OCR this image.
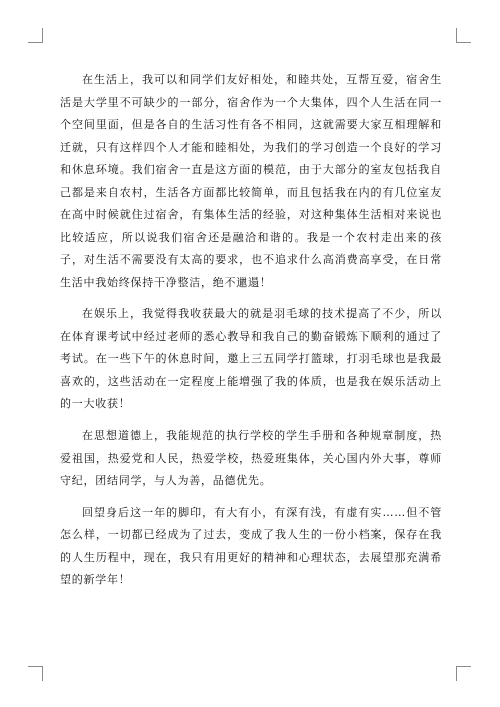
在生活上，我可以和同学们友好相处，和睦共处，互帮互爱，宿舍生活是大学里不可缺少的一部分，宿舍作为一个大集体，四个人生活在同一个空间里面，但是各自的生活习性有各不相同，这就需要大家互相理解和迁就，只有这样四个人才能和睦相处，为我们的学习创造一个良好的学习和休息环境。我们宿舍一直是这方面的模范，由于大部分的室友包括我自己都是来自农村，生活各方面都比较简单，而且包括我在内的有几位室友在高中时候就住过宿舍，有集体生活的经验，对这种集体生活相对来说也比较适应，所以说我们宿舍还是融洽和谐的。我是一个农村走出来的孩子，对生活不需要没有太高的要求，也不追求什么高消费高享受，在日常生活中我始终保持干净整洁，绝不邋遢！

在娱乐上，我觉得我收获最大的就是羽毛球的技术提高了不少，所以在体育课考试中经过老师的悉心教导和我自己的勤奋锻炼下顺利的通过了考试。在一些下午的休息时间，邀上三五同学打篮球，打羽毛球也是我最喜欢的，这些活动在一定程度上能增强了我的体质，也是我在娱乐活动上的一大收获！

在思想道德上，我能规范的执行学校的学生手册和各种规章制度，热爱祖国，热爱党和人民，热爱学校，热爱班集体，关心国内外大事，尊师守纪，团结同学，与人为善，品德优先。

回望身后这一年的脚印，有大有小，有深有浅，有虚有实……但不管怎么样，一切都已经成为了过去，变成了我人生的一份小档案，保存在我的人生历程中，现在，我只有用更好的精神和心理状态，去展望那充满希望的新学年！
